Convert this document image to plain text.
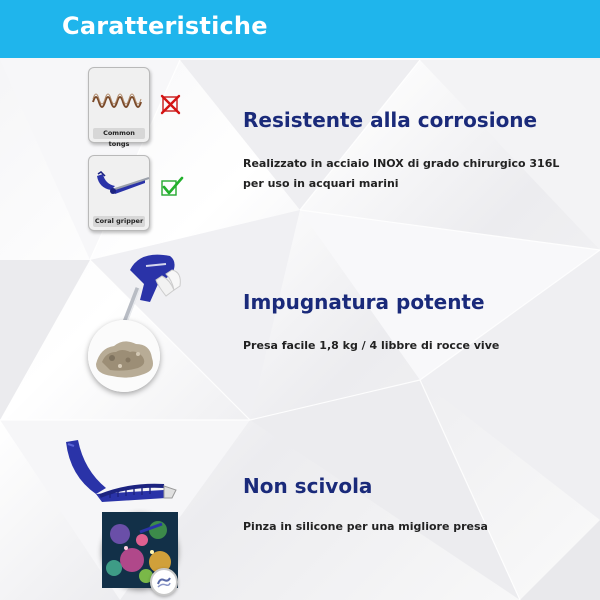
Caratteristiche
Common tongs
Coral gripper
Resistente alla corrosione
Realizzato in acciaio INOX di grado chirurgico 316L per uso in acquari marini
Impugnatura potente
Presa facile 1,8 kg / 4 libbre di rocce vive
Non scivola
Pinza in silicone per una migliore presa
